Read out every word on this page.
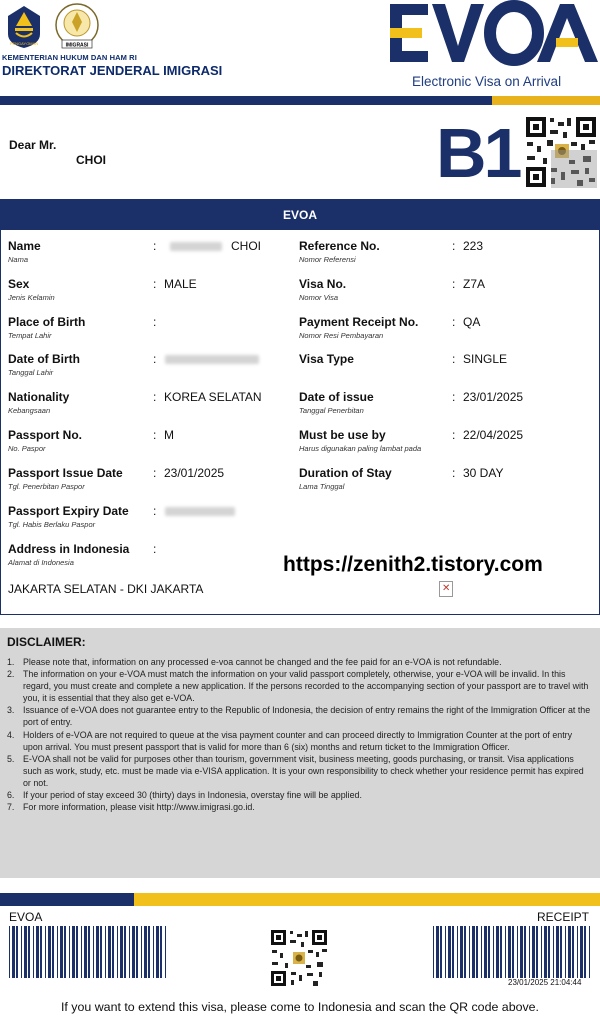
PENGAYOMAN	IMIGRASI
KEMENTERIAN HUKUM DAN HAM RI
DIREKTORAT JENDERAL IMIGRASI
Electronic Visa on Arrival
Dear Mr.
CHOI	B1
EVOA
Name
Nama
:	CHOI
Sex
Jenis Kelamin
: MALE
Place of Birth
Tempat Lahir
:
Date of Birth
Tanggal Lahir
:
Nationality
Kebangsaan
: KOREA SELATAN
Passport No.
No. Paspor
: M
Passport Issue Date
Tgl. Penerbitan Paspor
: 23/01/2025
Passport Expiry Date
Tgl. Habis Berlaku Paspor
:
Address in Indonesia
Alamat di Indonesia
:
JAKARTA SELATAN - DKI JAKARTA
Reference No.
Nomor Referensi
: 223
Visa No.
Nomor Visa
: Z7A
Payment Receipt No.
Nomor Resi Pembayaran
: QA
Visa Type	: SINGLE
Date of issue
Tanggal Penerbitan
: 23/01/2025
Must be use by
Harus digunakan paling lambat pada
: 22/04/2025
Duration of Stay
Lama Tinggal
: 30 DAY
https://zenith2.tistory.com
✕
DISCLAIMER:
1. Please note that, information on any processed e-voa cannot be changed and the fee paid for an e-VOA is not refundable.
2. The information on your e-VOA must match the information on your valid passport completely, otherwise, your e-VOA will be invalid. In this regard, you must create and complete a new application. If the persons recorded to the accompanying section of your passport are to travel with you, it is essential that they also get e-VOA.
3. Issuance of e-VOA does not guarantee entry to the Republic of Indonesia, the decision of entry remains the right of the Immigration Officer at the port of entry.
4. Holders of e-VOA are not required to queue at the visa payment counter and can proceed directly to Immigration Counter at the port of entry upon arrival. You must present passport that is valid for more than 6 (six) months and return ticket to the Immigration Officer.
5. E-VOA shall not be valid for purposes other than tourism, government visit, business meeting, goods purchasing, or transit. Visa applications such as work, study, etc. must be made via e-VISA application. It is your own responsibility to check whether your residence permit has expired or not.
6. If your period of stay exceed 30 (thirty) days in Indonesia, overstay fine will be applied.
7. For more information, please visit http://www.imigrasi.go.id.
EVOA	RECEIPT
23/01/2025 21:04:44
If you want to extend this visa, please come to Indonesia and scan the QR code above.
